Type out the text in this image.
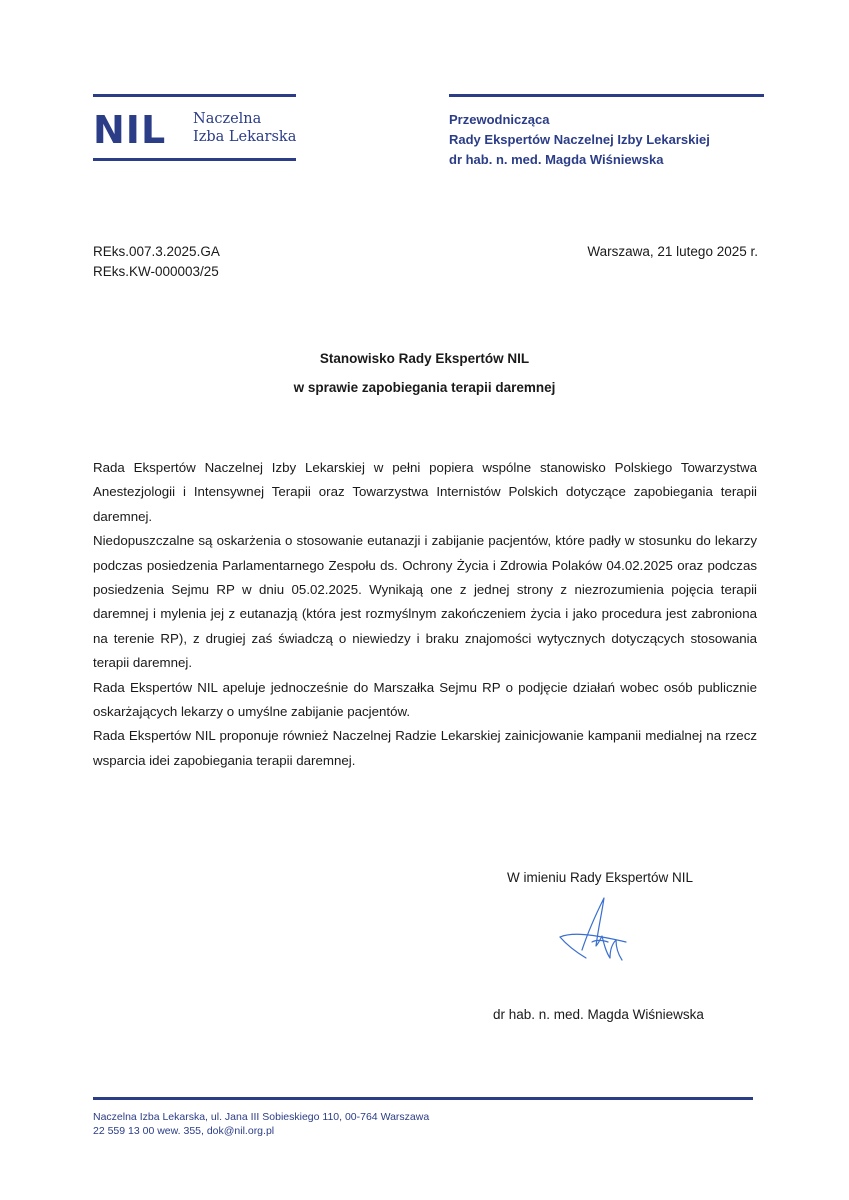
NIL Naczelna
Izba Lekarska
Przewodnicząca
Rady Ekspertów Naczelnej Izby Lekarskiej
dr hab. n. med. Magda Wiśniewska
REks.007.3.2025.GA
REks.KW-000003/25
Warszawa, 21 lutego 2025 r.
Stanowisko Rady Ekspertów NIL
w sprawie zapobiegania terapii daremnej

Rada Ekspertów Naczelnej Izby Lekarskiej w pełni popiera wspólne stanowisko Polskiego Towarzystwa Anestezjologii i Intensywnej Terapii oraz Towarzystwa Internistów Polskich dotyczące zapobiegania terapii daremnej.

Niedopuszczalne są oskarżenia o stosowanie eutanazji i zabijanie pacjentów, które padły w stosunku do lekarzy podczas posiedzenia Parlamentarnego Zespołu ds. Ochrony Życia i Zdrowia Polaków 04.02.2025 oraz podczas posiedzenia Sejmu RP w dniu 05.02.2025. Wynikają one z jednej strony z niezrozumienia pojęcia terapii daremnej i mylenia jej z eutanazją (która jest rozmyślnym zakończeniem życia i jako procedura jest zabroniona na terenie RP), z drugiej zaś świadczą o niewiedzy i braku znajomości wytycznych dotyczących stosowania terapii daremnej.

Rada Ekspertów NIL apeluje jednocześnie do Marszałka Sejmu RP o podjęcie działań wobec osób publicznie oskarżających lekarzy o umyślne zabijanie pacjentów.

Rada Ekspertów NIL proponuje również Naczelnej Radzie Lekarskiej zainicjowanie kampanii medialnej na rzecz wsparcia idei zapobiegania terapii daremnej.

W imieniu Rady Ekspertów NIL
dr hab. n. med. Magda Wiśniewska
Naczelna Izba Lekarska, ul. Jana III Sobieskiego 110, 00-764 Warszawa
22 559 13 00 wew. 355, dok@nil.org.pl
